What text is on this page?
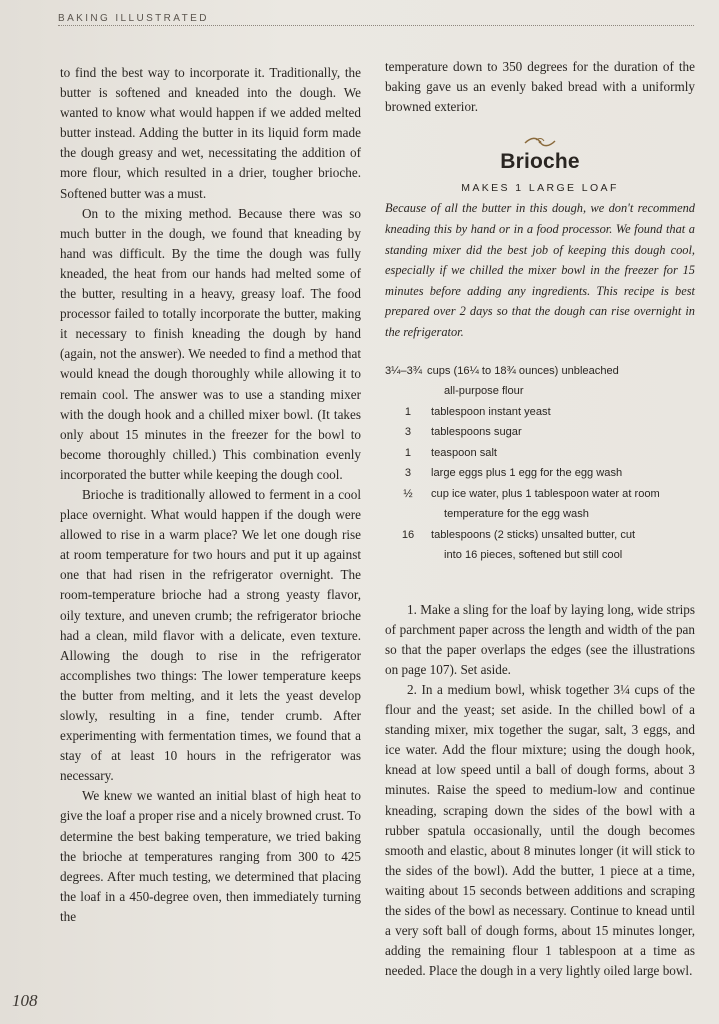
BAKING ILLUSTRATED

to find the best way to incorporate it. Traditionally, the butter is softened and kneaded into the dough. We wanted to know what would happen if we added melted butter instead. Adding the butter in its liquid form made the dough greasy and wet, necessitating the addition of more flour, which resulted in a drier, tougher brioche. Softened butter was a must.

On to the mixing method. Because there was so much butter in the dough, we found that kneading by hand was difficult. By the time the dough was fully kneaded, the heat from our hands had melted some of the butter, resulting in a heavy, greasy loaf. The food processor failed to totally incorporate the butter, making it necessary to finish kneading the dough by hand (again, not the answer). We needed to find a method that would knead the dough thoroughly while allowing it to remain cool. The answer was to use a standing mixer with the dough hook and a chilled mixer bowl. (It takes only about 15 minutes in the freezer for the bowl to become thoroughly chilled.) This combination evenly incorporated the butter while keeping the dough cool.

Brioche is traditionally allowed to ferment in a cool place overnight. What would happen if the dough were allowed to rise in a warm place? We let one dough rise at room temperature for two hours and put it up against one that had risen in the refrigerator overnight. The room-temperature brioche had a strong yeasty flavor, oily texture, and uneven crumb; the refrigerator brioche had a clean, mild flavor with a delicate, even texture. Allowing the dough to rise in the refrigerator accomplishes two things: The lower temperature keeps the butter from melting, and it lets the yeast develop slowly, resulting in a fine, tender crumb. After experimenting with fermentation times, we found that a stay of at least 10 hours in the refrigerator was necessary.

We knew we wanted an initial blast of high heat to give the loaf a proper rise and a nicely browned crust. To determine the best baking temperature, we tried baking the brioche at temperatures ranging from 300 to 425 degrees. After much testing, we determined that placing the loaf in a 450-degree oven, then immediately turning the

temperature down to 350 degrees for the duration of the baking gave us an evenly baked bread with a uniformly browned exterior.

Brioche
MAKES 1 LARGE LOAF

Because of all the butter in this dough, we don't recommend kneading this by hand or in a food processor. We found that a standing mixer did the best job of keeping this dough cool, especially if we chilled the mixer bowl in the freezer for 15 minutes before adding any ingredients. This recipe is best prepared over 2 days so that the dough can rise overnight in the refrigerator.

3¼–3¾ cups (16¼ to 18¾ ounces) unbleached
all-purpose flour
1	tablespoon instant yeast
3	tablespoons sugar
1	teaspoon salt
3	large eggs plus 1 egg for the egg wash
½	cup ice water, plus 1 tablespoon water at room
temperature for the egg wash
16	tablespoons (2 sticks) unsalted butter, cut
into 16 pieces, softened but still cool

1. Make a sling for the loaf by laying long, wide strips of parchment paper across the length and width of the pan so that the paper overlaps the edges (see the illustrations on page 107). Set aside.

2. In a medium bowl, whisk together 3¼ cups of the flour and the yeast; set aside. In the chilled bowl of a standing mixer, mix together the sugar, salt, 3 eggs, and ice water. Add the flour mixture; using the dough hook, knead at low speed until a ball of dough forms, about 3 minutes. Raise the speed to medium-low and continue kneading, scraping down the sides of the bowl with a rubber spatula occasionally, until the dough becomes smooth and elastic, about 8 minutes longer (it will stick to the sides of the bowl). Add the butter, 1 piece at a time, waiting about 15 seconds between additions and scraping the sides of the bowl as necessary. Continue to knead until a very soft ball of dough forms, about 15 minutes longer, adding the remaining flour 1 tablespoon at a time as needed. Place the dough in a very lightly oiled large bowl.

108
